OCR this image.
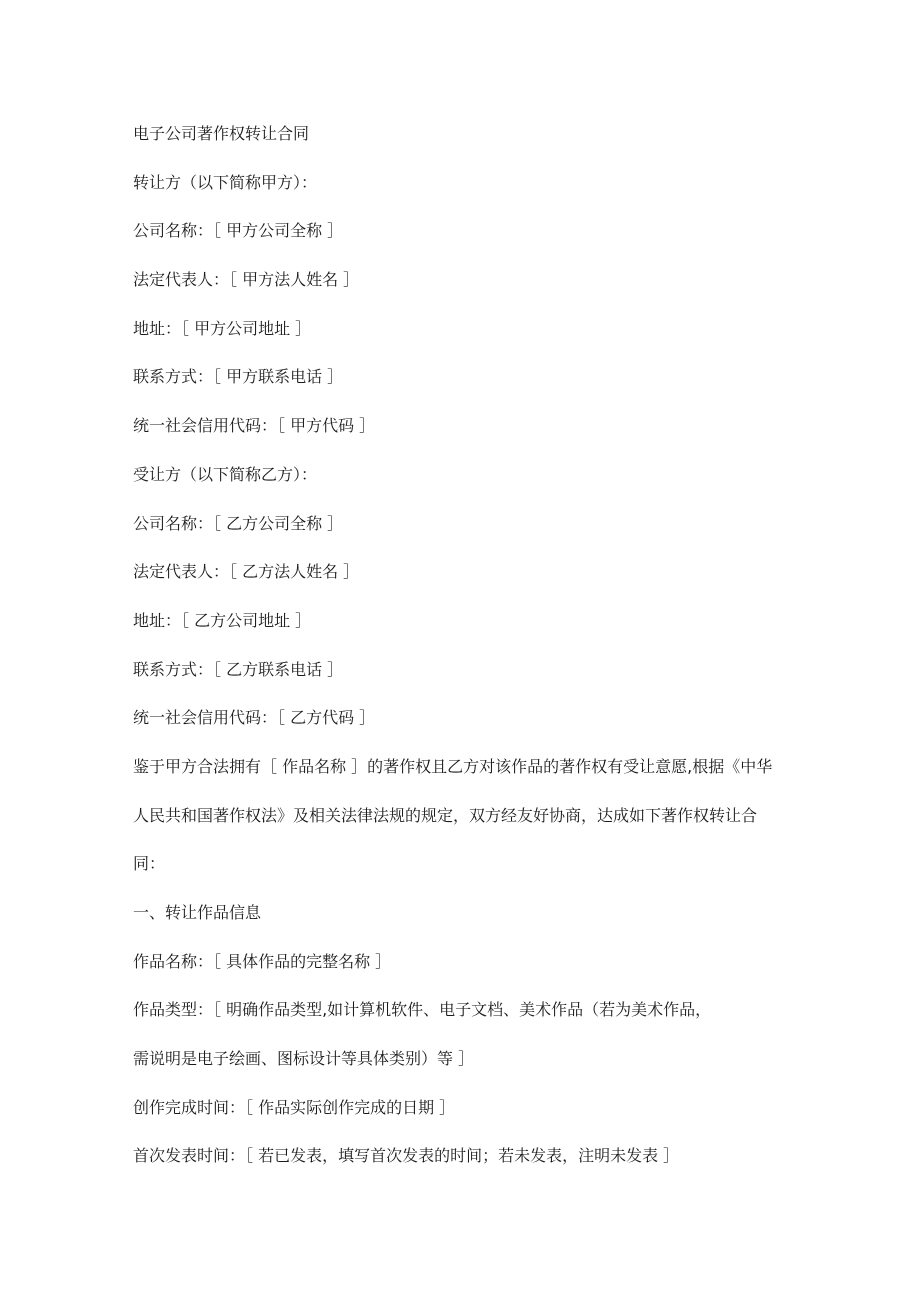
电子公司著作权转让合同
转让方（以下简称甲方）：
公司名称：［ 甲方公司全称 ］
法定代表人：［ 甲方法人姓名 ］
地址：［ 甲方公司地址 ］
联系方式：［ 甲方联系电话 ］
统一社会信用代码：［ 甲方代码 ］
受让方（以下简称乙方）：
公司名称：［ 乙方公司全称 ］
法定代表人：［ 乙方法人姓名 ］
地址：［ 乙方公司地址 ］
联系方式：［ 乙方联系电话 ］
统一社会信用代码：［ 乙方代码 ］
鉴于甲方合法拥有［ 作品名称 ］的著作权且乙方对该作品的著作权有受让意愿,根据《中华
人民共和国著作权法》及相关法律法规的规定，双方经友好协商，达成如下著作权转让合
同：
一、转让作品信息
作品名称：［ 具体作品的完整名称 ］
作品类型：［ 明确作品类型,如计算机软件、电子文档、美术作品（若为美术作品，
需说明是电子绘画、图标设计等具体类别）等 ］
创作完成时间：［ 作品实际创作完成的日期 ］
首次发表时间：［ 若已发表，填写首次发表的时间；若未发表，注明未发表 ］
